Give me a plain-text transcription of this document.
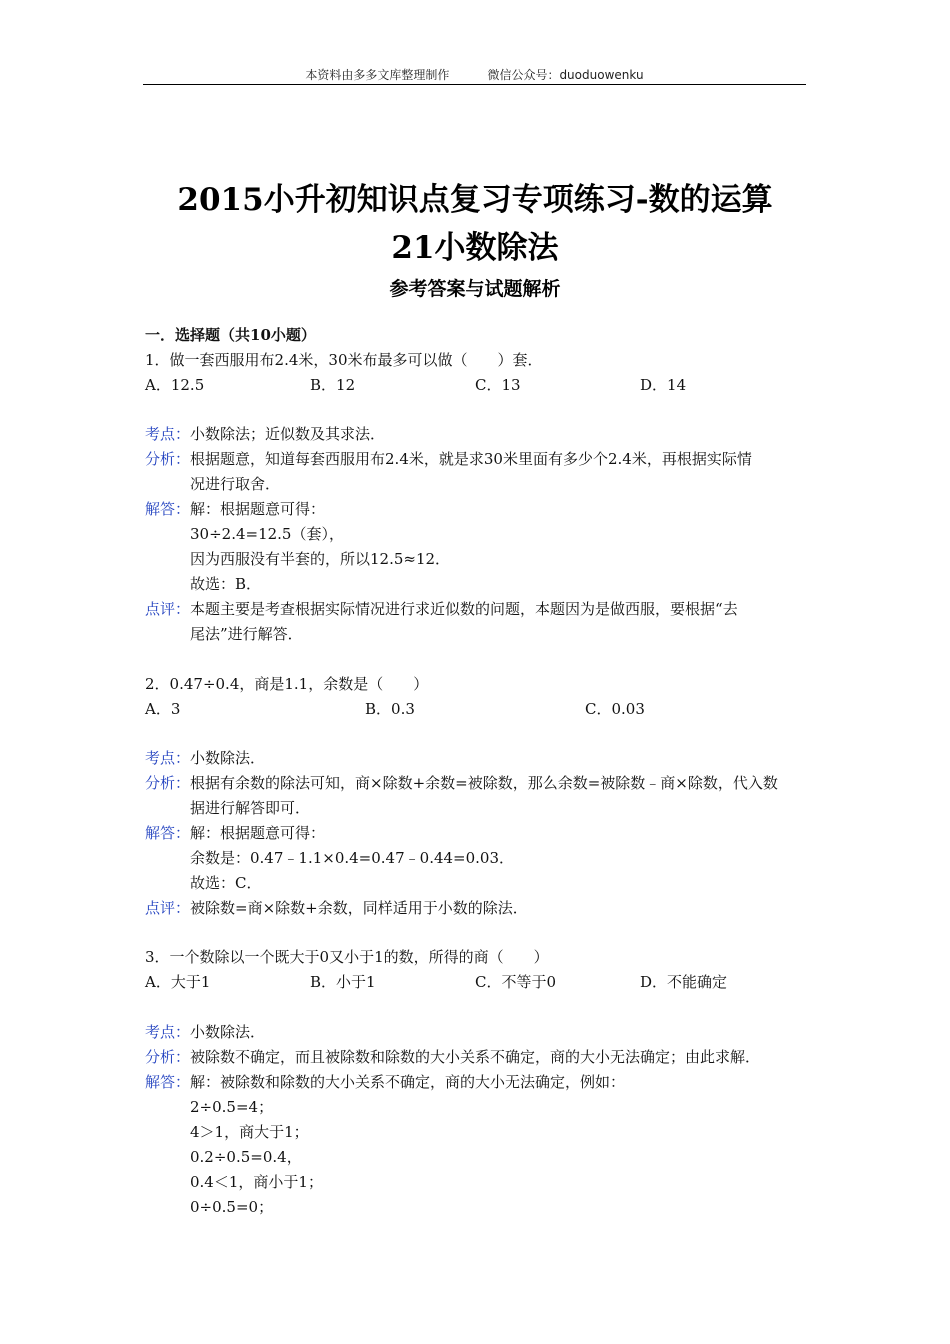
本资料由多多文库整理制作	微信公众号：duoduowenku
2015小升初知识点复习专项练习-数的运算
21小数除法
参考答案与试题解析
一．选择题（共10小题）
1．做一套西服用布2.4米，30米布最多可以做（　　）套．
A．12.5	B．12	C．13	D．14
考点：小数除法；近似数及其求法．
分析：根据题意，知道每套西服用布2.4米，就是求30米里面有多少个2.4米，再根据实际情
况进行取舍．
解答：解：根据题意可得：
30÷2.4=12.5（套），
因为西服没有半套的，所以12.5≈12．
故选：B．
点评：本题主要是考查根据实际情况进行求近似数的问题，本题因为是做西服，要根据“去
尾法”进行解答．
2．0.47÷0.4，商是1.1，余数是（　　）
A．3	B．0.3	C．0.03
考点：小数除法．
分析：根据有余数的除法可知，商×除数+余数=被除数，那么余数=被除数﹣商×除数，代入数
据进行解答即可．
解答：解：根据题意可得：
余数是：0.47﹣1.1×0.4=0.47﹣0.44=0.03．
故选：C．
点评：被除数=商×除数+余数，同样适用于小数的除法．
3．一个数除以一个既大于0又小于1的数，所得的商（　　）
A．大于1	B．小于1	C．不等于0	D．不能确定
考点：小数除法．
分析：被除数不确定，而且被除数和除数的大小关系不确定，商的大小无法确定；由此求解．
解答：解：被除数和除数的大小关系不确定，商的大小无法确定，例如：
2÷0.5=4；
4＞1，商大于1；
0.2÷0.5=0.4，
0.4＜1，商小于1；
0÷0.5=0；
